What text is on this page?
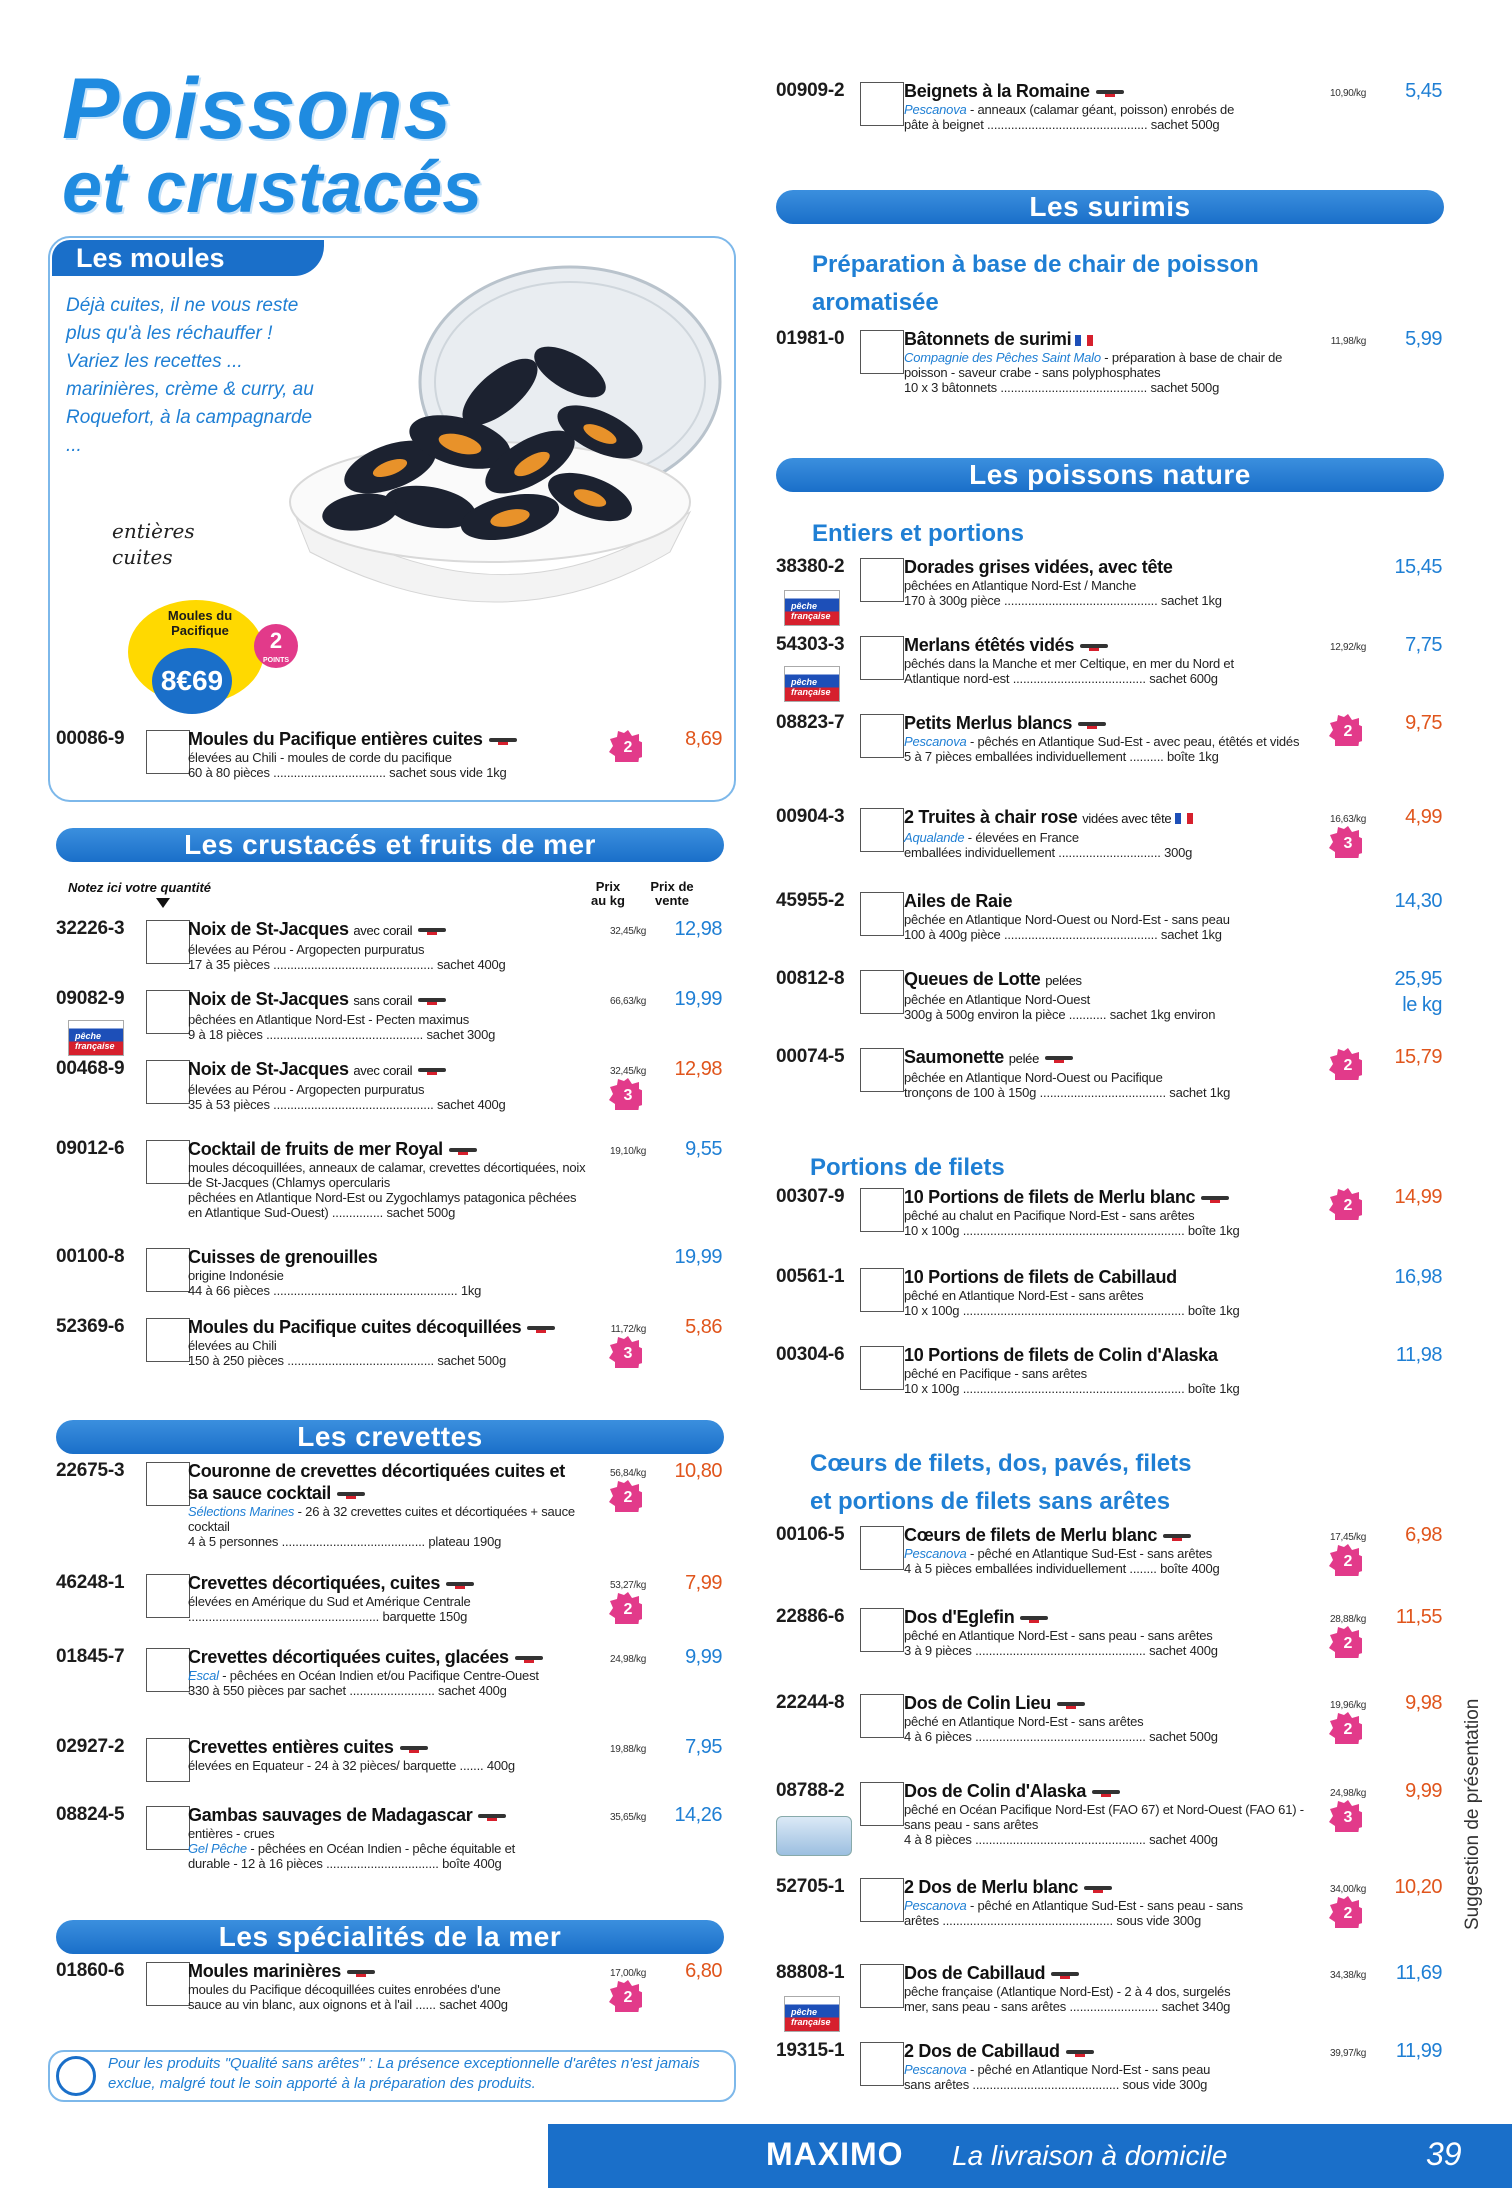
Poissons
et crustacés
Les moules
Déjà cuites, il ne vous reste plus qu'à les réchauffer ! Variez les recettes ... marinières, crème & curry, au Roquefort, à la campagnarde ...
entières cuites
Moules du Pacifique
8€69
2
POINTS
Les crustacés et fruits de mer
Notez ici votre quantité	Prix au kg
Prix de vente
Les crevettes
Les spécialités de la mer
00086-9	Moules du Pacifique entières cuites
élevées au Chili - moules de corde du pacifique
60 à 80 pièces ................................. sachet sous vide 1kg
8,69
2
32226-3	Noix de St-Jacques avec corail
élevées au Pérou - Argopecten purpuratus
17 à 35 pièces ............................................... sachet 400g
32,45/kg	12,98
09082-9	Noix de St-Jacques sans corail
pêchées en Atlantique Nord-Est - Pecten maximus
9 à 18 pièces .............................................. sachet 300g
66,63/kg	19,99
00468-9	Noix de St-Jacques avec corail
élevées au Pérou - Argopecten purpuratus
35 à 53 pièces ............................................... sachet 400g
32,45/kg	12,98
3
09012-6	Cocktail de fruits de mer Royal
moules décoquillées, anneaux de calamar, crevettes décortiquées, noix de St-Jacques (Chlamys opercularis
pêchées en Atlantique Nord-Est ou Zygochlamys patagonica pêchées en Atlantique Sud-Ouest) ............... sachet 500g
19,10/kg	9,55
00100-8	Cuisses de grenouilles
origine Indonésie
44 à 66 pièces ...................................................... 1kg
19,99
52369-6	Moules du Pacifique cuites décoquillées
élevées au Chili
150 à 250 pièces ........................................... sachet 500g
11,72/kg	5,86
3
22675-3	Couronne de crevettes décortiquées cuites et sa sauce cocktail
Sélections Marines - 26 à 32 crevettes cuites et décortiquées + sauce cocktail
4 à 5 personnes .......................................... plateau 190g
56,84/kg	10,80
2
46248-1	Crevettes décortiquées, cuites
élevées en Amérique du Sud et Amérique Centrale
........................................................ barquette 150g
53,27/kg	7,99
2
01845-7	Crevettes décortiquées cuites, glacées
Escal - pêchées en Océan Indien et/ou Pacifique Centre-Ouest
330 à 550 pièces par sachet ......................... sachet 400g
24,98/kg	9,99
02927-2	Crevettes entières cuites
élevées en Equateur - 24 à 32 pièces/ barquette ....... 400g
19,88/kg	7,95
08824-5	Gambas sauvages de Madagascar
entières - crues
Gel Pêche - pêchées en Océan Indien - pêche équitable et
durable - 12 à 16 pièces ................................. boîte 400g
35,65/kg	14,26
01860-6	Moules marinières
moules du Pacifique décoquillées cuites enrobées d'une
sauce au vin blanc, aux oignons et à l'ail ...... sachet 400g
17,00/kg	6,80
2
Les surimis
Préparation à base de chair de poisson aromatisée
Les poissons nature
Entiers et portions
Portions de filets
Cœurs de filets, dos, pavés, filets
et portions de filets sans arêtes
00909-2	Beignets à la Romaine
Pescanova - anneaux (calamar géant, poisson) enrobés de
pâte à beignet ............................................... sachet 500g
10,90/kg	5,45
01981-0	Bâtonnets de surimi
Compagnie des Pêches Saint Malo - préparation à base de chair de poisson - saveur crabe - sans polyphosphates
10 x 3 bâtonnets ........................................... sachet 500g
11,98/kg	5,99
38380-2	Dorades grises vidées, avec tête
pêchées en Atlantique Nord-Est / Manche
170 à 300g pièce ............................................. sachet 1kg
15,45
54303-3	Merlans étêtés vidés
pêchés dans la Manche et mer Celtique, en mer du Nord et
Atlantique nord-est ....................................... sachet 600g
12,92/kg	7,75
08823-7	Petits Merlus blancs
Pescanova - pêchés en Atlantique Sud-Est - avec peau, étêtés et vidés
5 à 7 pièces emballées individuellement .......... boîte 1kg
9,75
2
00904-3	2 Truites à chair rose vidées avec tête
Aqualande - élevées en France
emballées individuellement .............................. 300g
16,63/kg	4,99
3
45955-2	Ailes de Raie
pêchée en Atlantique Nord-Ouest ou Nord-Est - sans peau
100 à 400g pièce ............................................. sachet 1kg
14,30
00812-8	Queues de Lotte pelées
pêchée en Atlantique Nord-Ouest
300g à 500g environ la pièce ........... sachet 1kg environ
25,95
le kg
00074-5	Saumonette pelée
pêchée en Atlantique Nord-Ouest ou Pacifique
tronçons de 100 à 150g ..................................... sachet 1kg
15,79
2
00307-9	10 Portions de filets de Merlu blanc
pêché au chalut en Pacifique Nord-Est - sans arêtes
10 x 100g ................................................................. boîte 1kg
14,99
2
00561-1	10 Portions de filets de Cabillaud
pêché en Atlantique Nord-Est - sans arêtes
10 x 100g ................................................................. boîte 1kg
16,98
00304-6	10 Portions de filets de Colin d'Alaska
pêché en Pacifique - sans arêtes
10 x 100g ................................................................. boîte 1kg
11,98
00106-5	Cœurs de filets de Merlu blanc
Pescanova - pêché en Atlantique Sud-Est - sans arêtes
4 à 5 pièces emballées individuellement ........ boîte 400g
17,45/kg	6,98
2
22886-6	Dos d'Eglefin
pêché en Atlantique Nord-Est - sans peau - sans arêtes
3 à 9 pièces .................................................. sachet 400g
28,88/kg	11,55
2
22244-8	Dos de Colin Lieu
pêché en Atlantique Nord-Est - sans arêtes
4 à 6 pièces .................................................. sachet 500g
19,96/kg	9,98
2
08788-2	Dos de Colin d'Alaska
pêché en Océan Pacifique Nord-Est (FAO 67) et Nord-Ouest (FAO 61) - sans peau - sans arêtes
4 à 8 pièces .................................................. sachet 400g
24,98/kg	9,99
3
52705-1	2 Dos de Merlu blanc
Pescanova - pêché en Atlantique Sud-Est - sans peau - sans
arêtes .................................................. sous vide 300g
34,00/kg	10,20
2
88808-1	Dos de Cabillaud
pêche française (Atlantique Nord-Est) - 2 à 4 dos, surgelés
mer, sans peau - sans arêtes .......................... sachet 340g
34,38/kg	11,69
19315-1	2 Dos de Cabillaud
Pescanova - pêché en Atlantique Nord-Est - sans peau
sans arêtes ........................................... sous vide 300g
39,97/kg	11,99
pêche française
pêche française
pêche française
pêche française
Pour les produits "Qualité sans arêtes" : La présence exceptionnelle d'arêtes n'est jamais exclue, malgré tout le soin apporté à la préparation des produits.
MAXIMO La livraison à domicile	39
Suggestion de présentation
